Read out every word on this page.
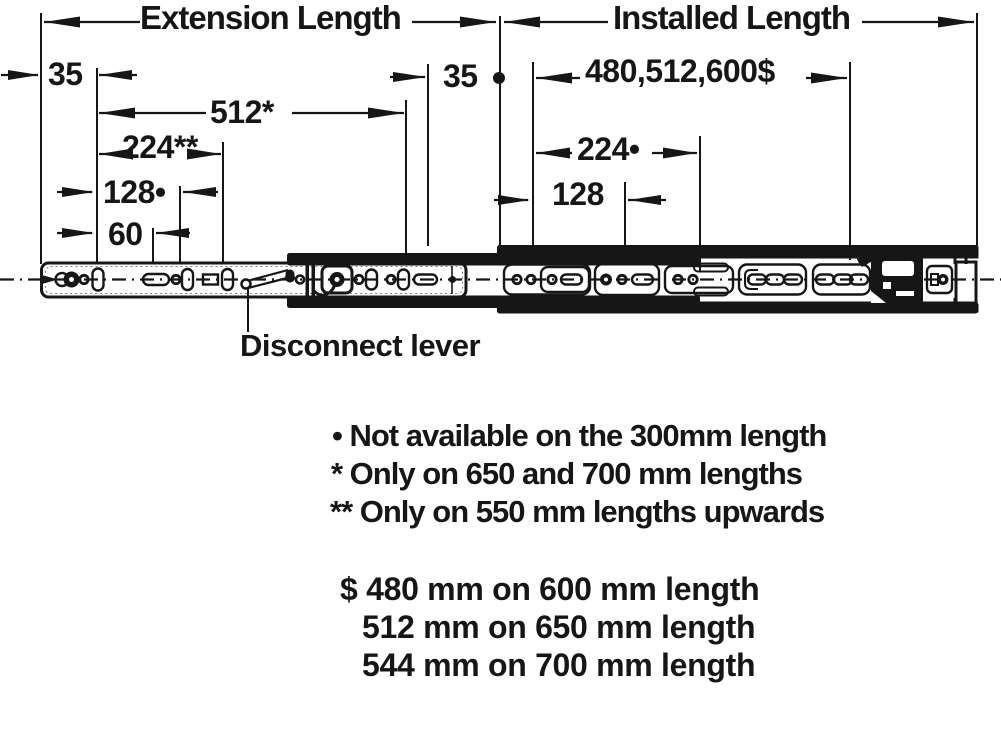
Extension Length	Installed Length
35
512*
224**
128•
60
35	480,512,600$
224•
128
Disconnect lever
• Not available on the 300mm length
* Only on 650 and 700 mm lengths
** Only on 550 mm lengths upwards
$ 480 mm on 600 mm length
512 mm on 650 mm length
544 mm on 700 mm length
